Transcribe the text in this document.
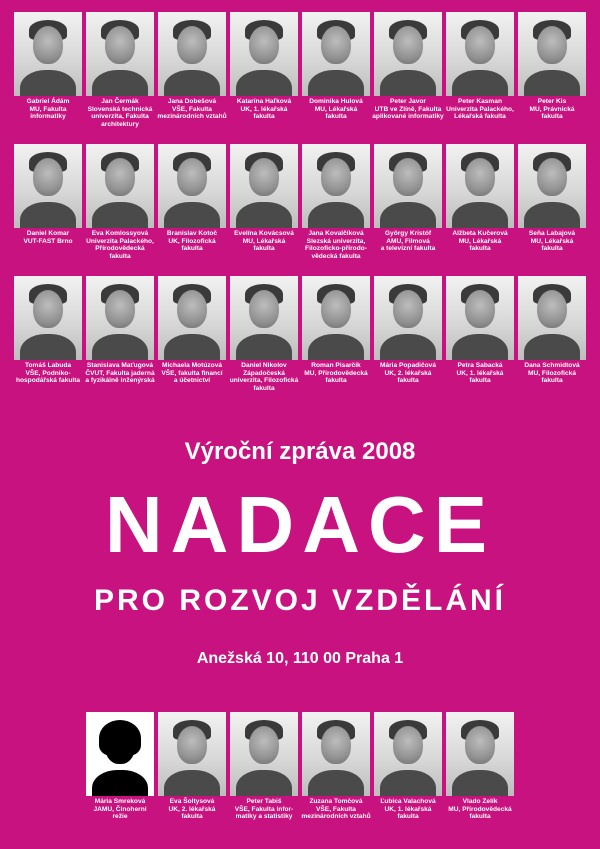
Gabriel Ádám
MU, Fakulta
informatiky
Jan Čermák
Slovenská technická
univerzita, Fakulta
architektury
Jana Dobešová
VŠE, Fakulta
mezinárodních vztahů
Katarína Haľková
UK, 1. lékařská
fakulta
Dominika Hulová
MU, Lékařská
fakulta
Peter Javor
UTB ve Zlíně, Fakulta
aplikované informatiky
Peter Kasman
Univerzita Palackého,
Lékařská fakulta
Peter Kis
MU, Právnická
fakulta
Daniel Komar
VUT-FAST Brno
Eva Komlossyová
Univerzita Palackého,
Přírodovědecká fakulta
Branislav Kotoč
UK, Filozofická
fakulta
Evelína Kovácsová
MU, Lékařská
fakulta
Jana Kovalčíková
Slezská univerzita,
Filozoficko-přírodo-
vědecká fakulta
György Kristóf
AMU, Filmová
a televizní fakulta
Alžbeta Kučerová
MU, Lékařská
fakulta
Seňa Labajová
MU, Lékařská
fakulta
Tomáš Labuda
VŠE, Podniko-
hospodářská fakulta
Stanislava Maťugová
ČVUT, Fakulta jaderná
a fyzikálně inženýrská
Michaela Motúzová
VŠE, fakulta financí
a účetnictví
Daniel Nikolov
Západočeská
univerzita, Filozofická
fakulta
Roman Pisarčík
MU, Přírodovědecká
fakulta
Mária Popadičová
UK, 2. lékařská
fakulta
Petra Sabacká
UK, 1. lékařská
fakulta
Dana Schmidtová
MU, Filozofická
fakulta
Výroční zpráva 2008
NADACE
PRO ROZVOJ VZDĚLÁNÍ
Anežská 10, 110 00 Praha 1
Mária Smreková
JAMU, Činoherní
režie
Eva Šoltysová
UK, 2. lékařská
fakulta
Peter Tabiš
VŠE, Fakulta infor-
matiky a statistiky
Zuzana Tomčová
VŠE, Fakulta
mezinárodních vztahů
Ľubica Valachová
UK, 1. lékařská
fakulta
Vlado Zelík
MU, Přírodovědecká
fakulta
